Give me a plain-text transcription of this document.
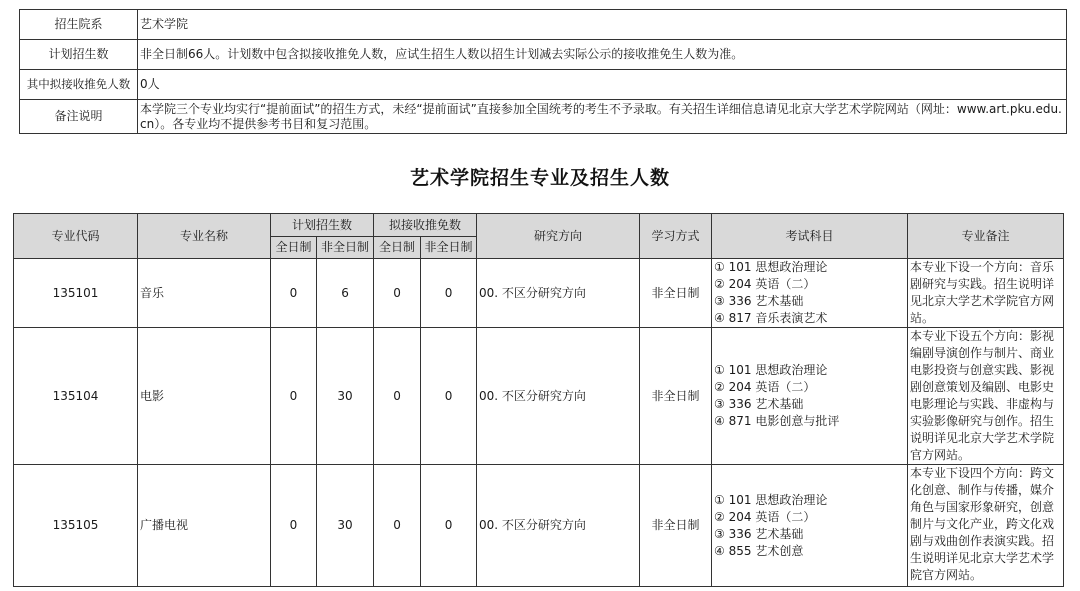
招生院系	艺术学院
计划招生数	非全日制66人。计划数中包含拟接收推免人数，应试生招生人数以招生计划减去实际公示的接收推免生人数为准。
其中拟接收推免人数	0人
备注说明	本学院三个专业均实行“提前面试”的招生方式，未经“提前面试”直接参加全国统考的考生不予录取。有关招生详细信息请见北京大学艺术学院网站（网址：www.art.pku.edu.cn）。各专业均不提供参考书目和复习范围。
艺术学院招生专业及招生人数
专业代码	专业名称	计划招生数		拟接收推免数		研究方向	学习方式	考试科目	专业备注
		全日制	非全日制	全日制	非全日制				
135101	音乐	0	6	0	0	00. 不区分研究方向	非全日制	① 101 思想政治理论
② 204 英语（二）
③ 336 艺术基础
④ 817 音乐表演艺术	本专业下设一个方向：音乐剧研究与实践。招生说明详见北京大学艺术学院官方网站。
135104	电影	0	30	0	0	00. 不区分研究方向	非全日制	① 101 思想政治理论
② 204 英语（二）
③ 336 艺术基础
④ 871 电影创意与批评	本专业下设五个方向：影视编剧导演创作与制片、商业电影投资与创意实践、影视剧创意策划及编剧、电影史电影理论与实践、非虚构与实验影像研究与创作。招生说明详见北京大学艺术学院官方网站。
135105	广播电视	0	30	0	0	00. 不区分研究方向	非全日制	① 101 思想政治理论
② 204 英语（二）
③ 336 艺术基础
④ 855 艺术创意	本专业下设四个方向：跨文化创意、制作与传播，媒介角色与国家形象研究，创意制片与文化产业，跨文化戏剧与戏曲创作表演实践。招生说明详见北京大学艺术学院官方网站。
